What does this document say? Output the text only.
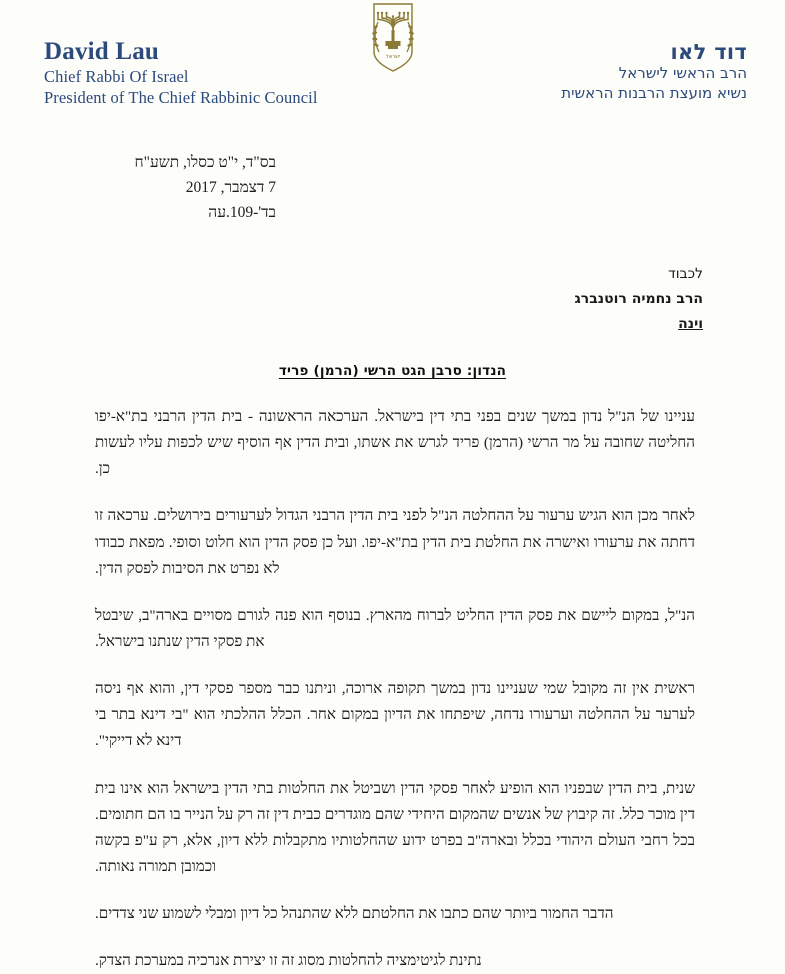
David Lau
Chief Rabbi Of Israel
President of The Chief Rabbinic Council
ישראל	דוד לאו
הרב הראשי לישראל
נשיא מועצת הרבנות הראשית
בס"ד, י"ט כסלו, תשע"ח
7 דצמבר, 2017
בד'-109.עה
לכבוד
הרב נחמיה רוטנברג
וינה
הנדון: סרבן הגט הרשי (הרמן) פריד

עניינו של הנ"ל נדון במשך שנים בפני בתי דין בישראל. הערכאה הראשונה - בית הדין הרבני בת"א-יפו החליטה שחובה על מר הרשי (הרמן) פריד לגרש את אשתו, ובית הדין אף הוסיף שיש לכפות עליו לעשות כן.

לאחר מכן הוא הגיש ערעור על ההחלטה הנ"ל לפני בית הדין הרבני הגדול לערעורים בירושלים. ערכאה זו דחתה את ערעורו ואישרה את החלטת בית הדין בת"א-יפו. ועל כן פסק הדין הוא חלוט וסופי. מפאת כבודו לא נפרט את הסיבות לפסק הדין.

הנ"ל, במקום ליישם את פסק הדין החליט לברוח מהארץ. בנוסף הוא פנה לגורם מסויים בארה"ב, שיבטל את פסקי הדין שנתנו בישראל.

ראשית אין זה מקובל שמי שעניינו נדון במשך תקופה ארוכה, וניתנו כבר מספר פסקי דין, והוא אף ניסה לערער על ההחלטה וערעורו נדחה, שיפתחו את הדיון במקום אחר. הכלל ההלכתי הוא "בי דינא בתר בי דינא לא דייקי".

שנית, בית הדין שבפניו הוא הופיע לאחר פסקי הדין ושביטל את החלטות בתי הדין בישראל הוא אינו בית דין מוכר כלל. זה קיבוץ של אנשים שהמקום היחידי שהם מוגדרים כבית דין זה רק על הנייר בו הם חתומים. בכל רחבי העולם היהודי בכלל ובארה"ב בפרט ידוע שהחלטותיו מתקבלות ללא דיון, אלא, רק ע"פ בקשה וכמובן תמורה נאותה.

הדבר החמור ביותר שהם כתבו את החלטתם ללא שהתנהל כל דיון ומבלי לשמוע שני צדדים.

נתינת לגיטימציה להחלטות מסוג זה זו יצירת אנרכיה במערכת הצדק.
